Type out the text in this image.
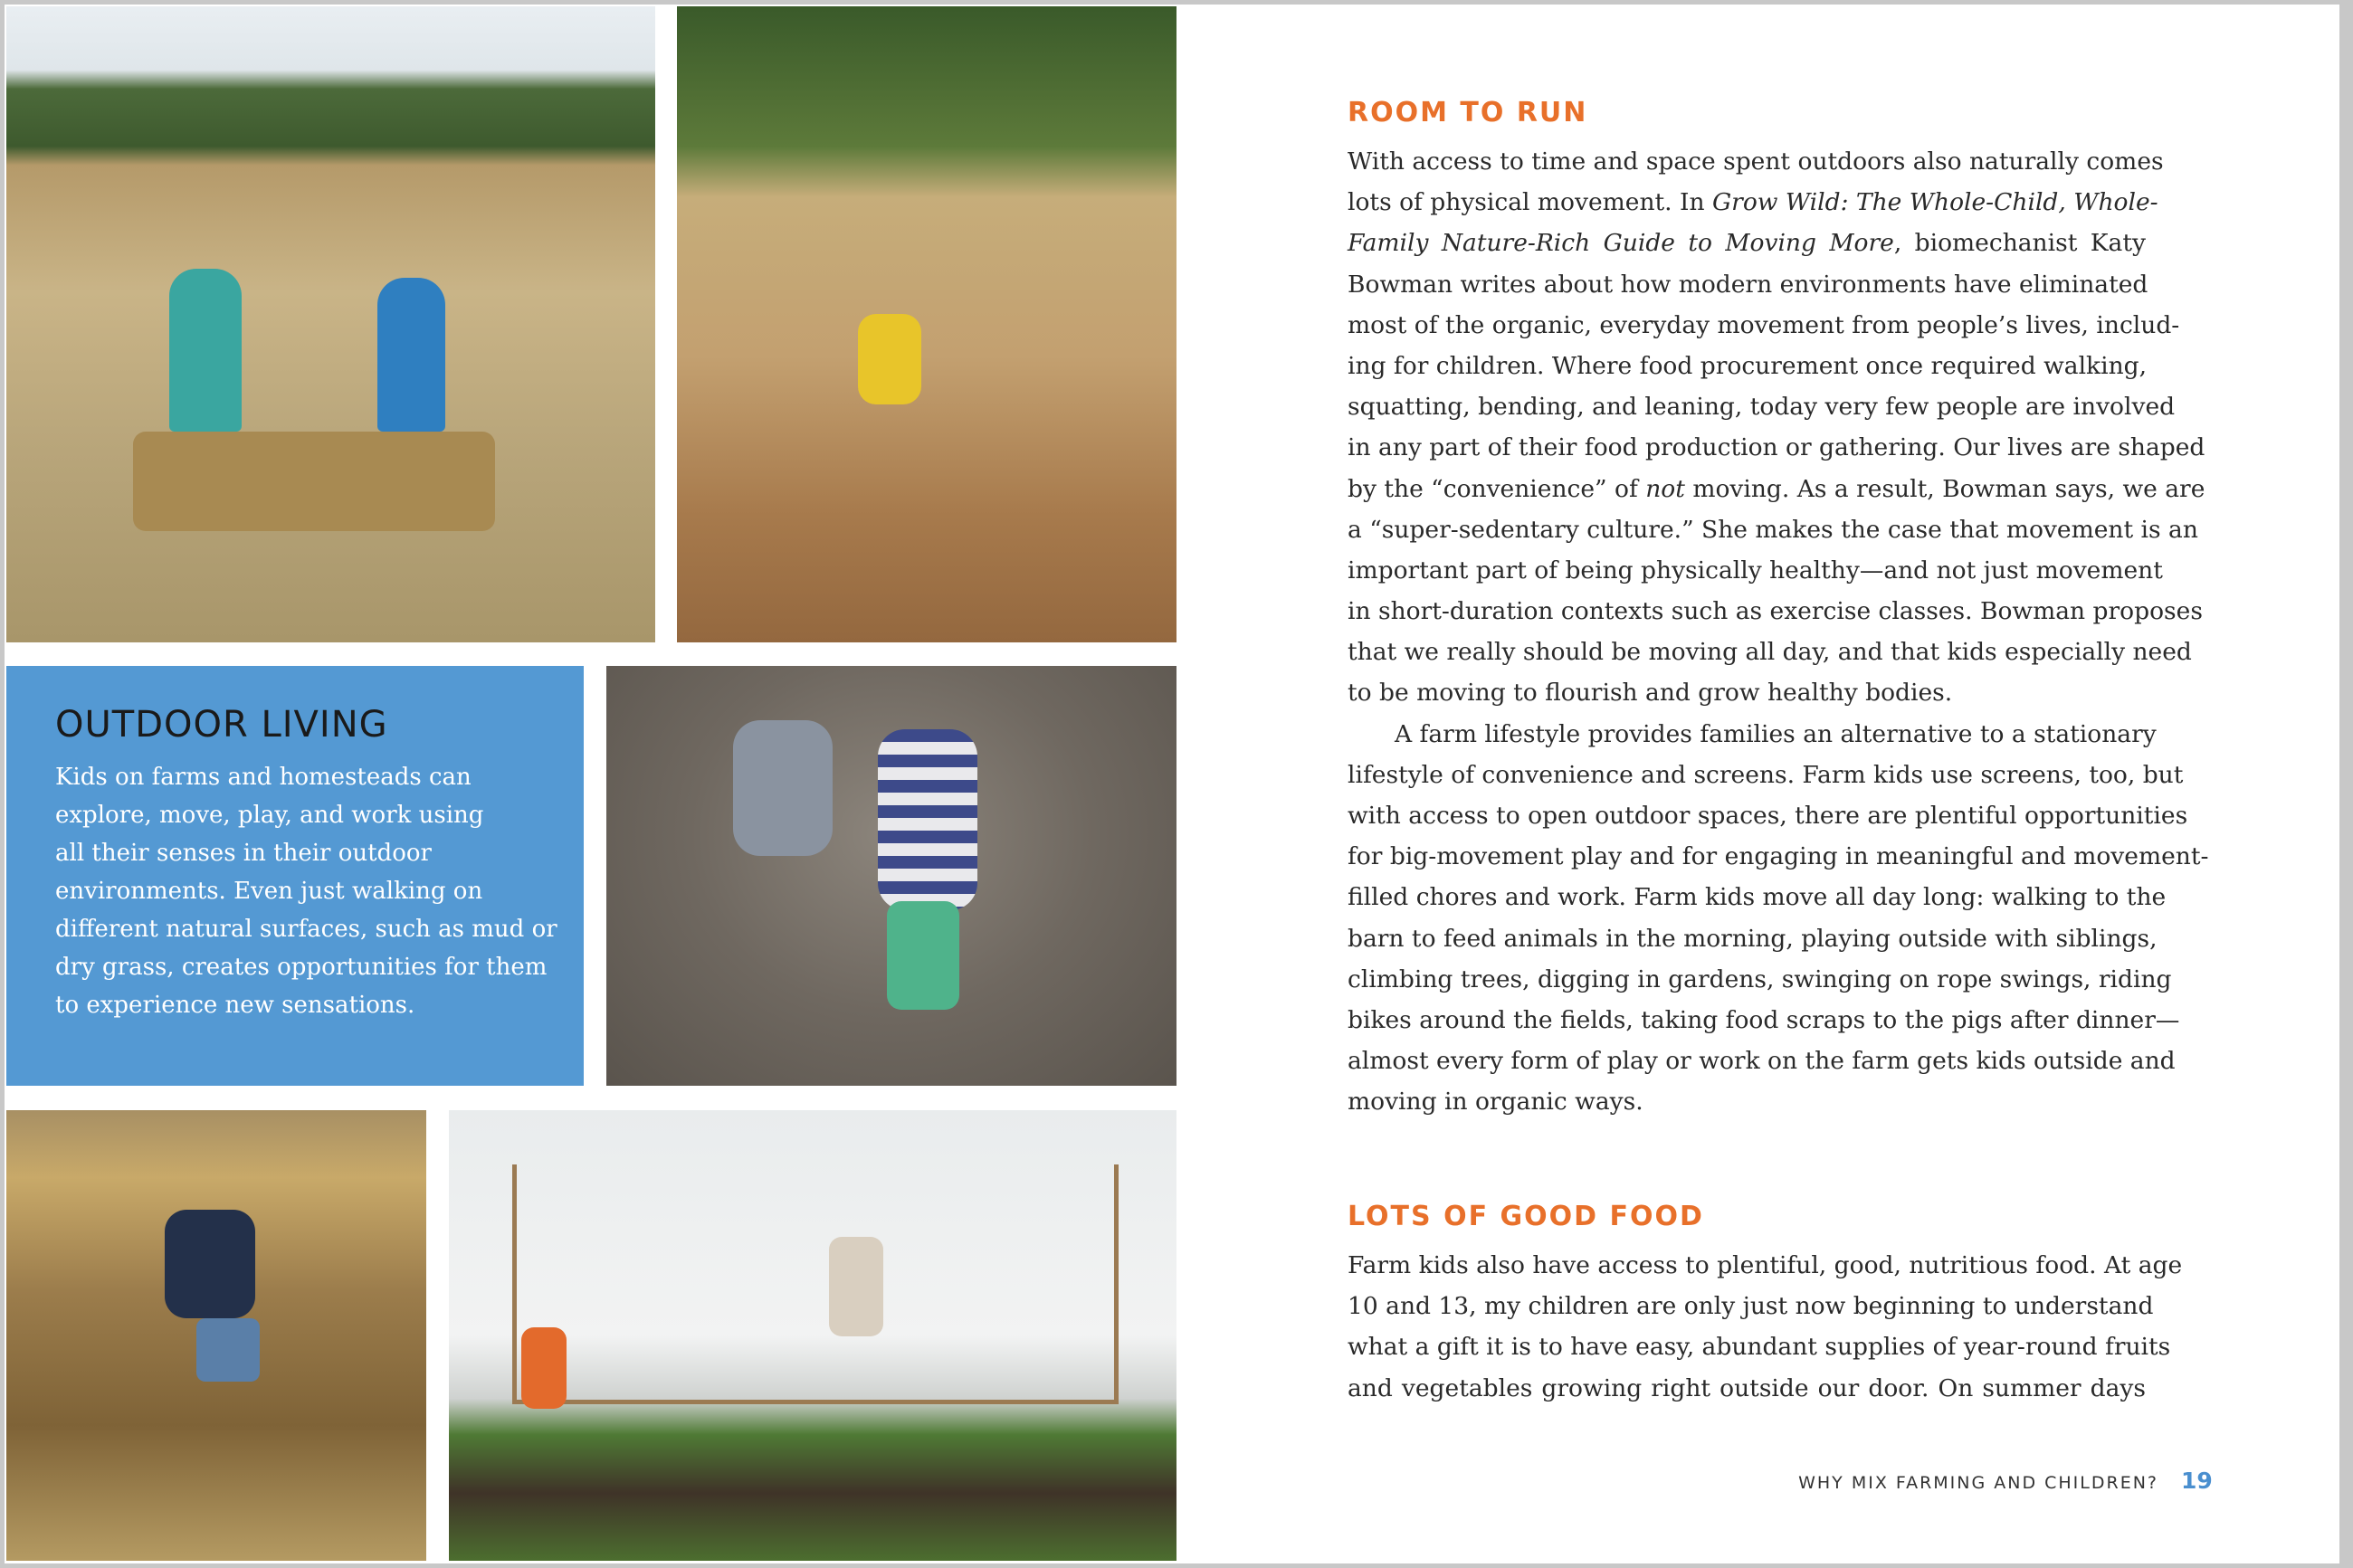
OUTDOOR LIVING
Kids on farms and homesteads can
explore, move, play, and work using
all their senses in their outdoor
environments. Even just walking on
different natural surfaces, such as mud or
dry grass, creates opportunities for them
to experience new sensations.
ROOM TO RUN
With access to time and space spent outdoors also naturally comes
lots of physical movement. In Grow Wild: The Whole-Child, Whole-
Family Nature-Rich Guide to Moving More, biomechanist Katy
Bowman writes about how modern environments have eliminated
most of the organic, everyday movement from people’s lives, includ-
ing for children. Where food procurement once required walking,
squatting, bending, and leaning, today very few people are involved
in any part of their food production or gathering. Our lives are shaped
by the “convenience” of not moving. As a result, Bowman says, we are
a “super-sedentary culture.” She makes the case that movement is an
important part of being physically healthy—and not just movement
in short-duration contexts such as exercise classes. Bowman proposes
that we really should be moving all day, and that kids especially need
to be moving to flourish and grow healthy bodies.
A farm lifestyle provides families an alternative to a stationary
lifestyle of convenience and screens. Farm kids use screens, too, but
with access to open outdoor spaces, there are plentiful opportunities
for big-movement play and for engaging in meaningful and movement-
filled chores and work. Farm kids move all day long: walking to the
barn to feed animals in the morning, playing outside with siblings,
climbing trees, digging in gardens, swinging on rope swings, riding
bikes around the fields, taking food scraps to the pigs after dinner—
almost every form of play or work on the farm gets kids outside and
moving in organic ways.
LOTS OF GOOD FOOD
Farm kids also have access to plentiful, good, nutritious food. At age
10 and 13, my children are only just now beginning to understand
what a gift it is to have easy, abundant supplies of year-round fruits
and vegetables growing right outside our door. On summer days
WHY MIX FARMING AND CHILDREN? 19
